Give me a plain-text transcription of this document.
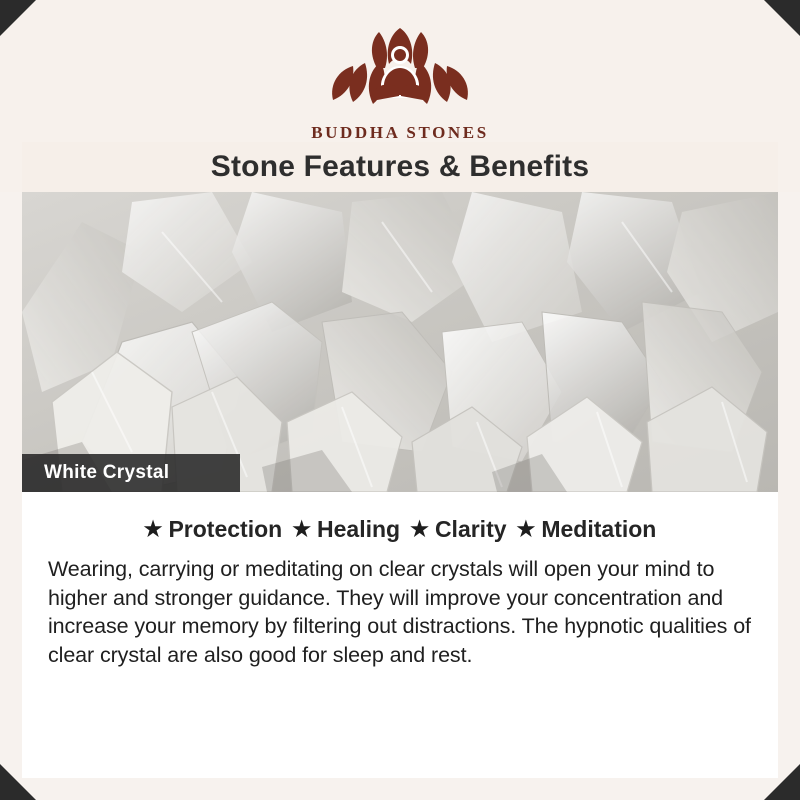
BUDDHA STONES
Stone Features & Benefits
White Crystal
★ Protection ★ Healing ★ Clarity ★ Meditation
Wearing, carrying or meditating on clear crystals will open your mind to higher and stronger guidance. They will improve your concentration and increase your memory by filtering out distractions. The hypnotic qualities of clear crystal are also good for sleep and rest.
